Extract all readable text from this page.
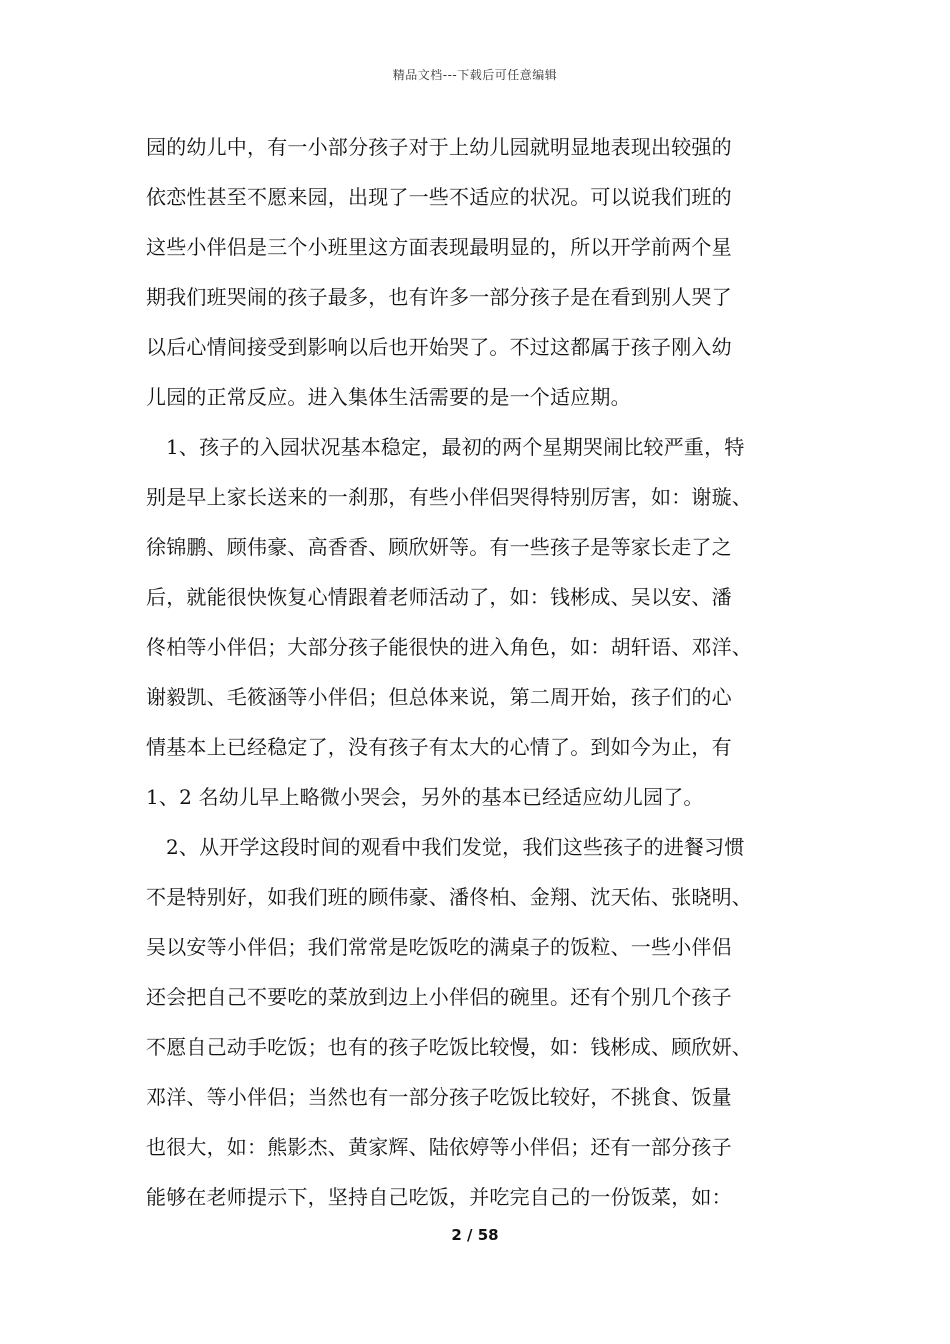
精品文档---下载后可任意编辑
园的幼儿中，有一小部分孩子对于上幼儿园就明显地表现出较强的
依恋性甚至不愿来园，出现了一些不适应的状况。可以说我们班的
这些小伴侣是三个小班里这方面表现最明显的，所以开学前两个星
期我们班哭闹的孩子最多，也有许多一部分孩子是在看到别人哭了
以后心情间接受到影响以后也开始哭了。不过这都属于孩子刚入幼
儿园的正常反应。进入集体生活需要的是一个适应期。
1、孩子的入园状况基本稳定，最初的两个星期哭闹比较严重，特
别是早上家长送来的一刹那，有些小伴侣哭得特别厉害，如：谢璇、
徐锦鹏、顾伟豪、高香香、顾欣妍等。有一些孩子是等家长走了之
后，就能很快恢复心情跟着老师活动了，如：钱彬成、吴以安、潘
佟柏等小伴侣；大部分孩子能很快的进入角色，如：胡轩语、邓洋、
谢毅凯、毛筱涵等小伴侣；但总体来说，第二周开始，孩子们的心
情基本上已经稳定了，没有孩子有太大的心情了。到如今为止，有
1、2 名幼儿早上略微小哭会，另外的基本已经适应幼儿园了。
2、从开学这段时间的观看中我们发觉，我们这些孩子的进餐习惯
不是特别好，如我们班的顾伟豪、潘佟柏、金翔、沈天佑、张晓明、
吴以安等小伴侣；我们常常是吃饭吃的满桌子的饭粒、一些小伴侣
还会把自己不要吃的菜放到边上小伴侣的碗里。还有个别几个孩子
不愿自己动手吃饭；也有的孩子吃饭比较慢，如：钱彬成、顾欣妍、
邓洋、等小伴侣；当然也有一部分孩子吃饭比较好，不挑食、饭量
也很大，如：熊影杰、黄家辉、陆依婷等小伴侣；还有一部分孩子
能够在老师提示下，坚持自己吃饭，并吃完自己的一份饭菜，如：
2 / 58
